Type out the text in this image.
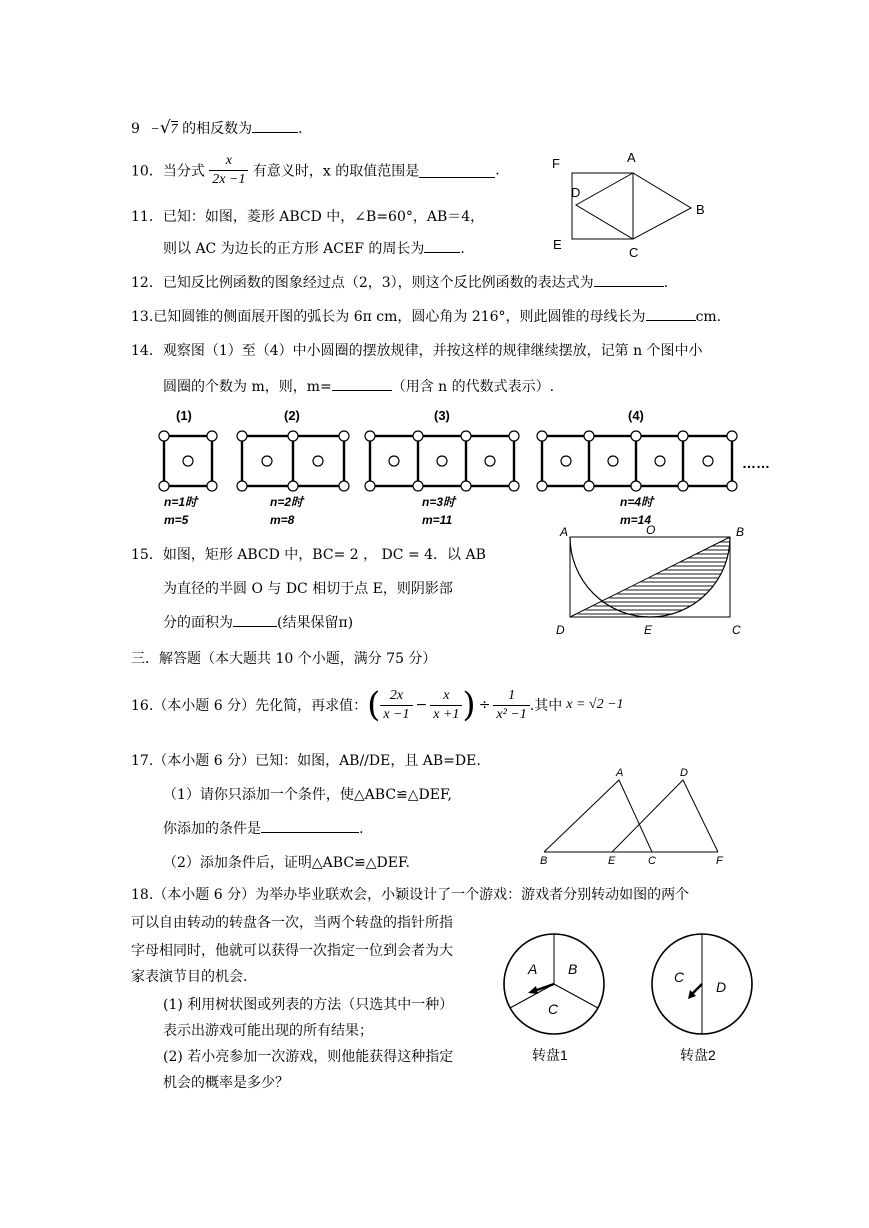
9 −√7 的相反数为	.
10．当分式 $\frac{x}{2x -1}$ 有意义时，x 的取值范围是	.
11．已知：如图，菱形 ABCD 中，∠B=60°，AB＝4，
则以 AC 为边长的正方形 ACEF 的周长为	.
F	A
D
B
E
C
12．已知反比例函数的图象经过点（2，3），则这个反比例函数的表达式为	.
13.已知圆锥的侧面展开图的弧长为 6π cm，圆心角为 216°，则此圆锥的母线长为	cm.
14．观察图（1）至（4）中小圆圈的摆放规律，并按这样的规律继续摆放，记第 n 个图中小
圆圈的个数为 m，则，m=	（用含 n 的代数式表示）.
(1)	(2)	(3)	(4)
……
n=1时
m=5
n=2时
m=8
n=3时
m=11
n=4时
m=14
15．如图，矩形 ABCD 中，BC= 2 ， DC = 4．以 AB
为直径的半圆 O 与 DC 相切于点 E，则阴影部
分的面积为	(结果保留π)
A	O	B
D	E	C
三．解答题（本大题共 10 个小题，满分 75 分）
16.（本小题 6 分）先化简，再求值： ( $\frac{2x}{x -1} - \frac{x}{x +1}$ ) ÷ $\frac{1}{\text{x² −1}}$ .其中 x = √2 −1
17.（本小题 6 分）已知：如图，AB//DE，且 AB=DE.
（1）请你只添加一个条件，使△ABC≌△DEF,
你添加的条件是	.
（2）添加条件后，证明△ABC≌△DEF.
A	D
B	E	C	F
18.（本小题 6 分）为举办毕业联欢会，小颖设计了一个游戏：游戏者分别转动如图的两个
可以自由转动的转盘各一次，当两个转盘的指针所指
字母相同时，他就可以获得一次指定一位到会者为大
家表演节目的机会.
(1) 利用树状图或列表的方法（只选其中一种）
表示出游戏可能出现的所有结果；
(2) 若小亮参加一次游戏，则他能获得这种指定
机会的概率是多少？
A B
C
转盘1
C
D
转盘2
